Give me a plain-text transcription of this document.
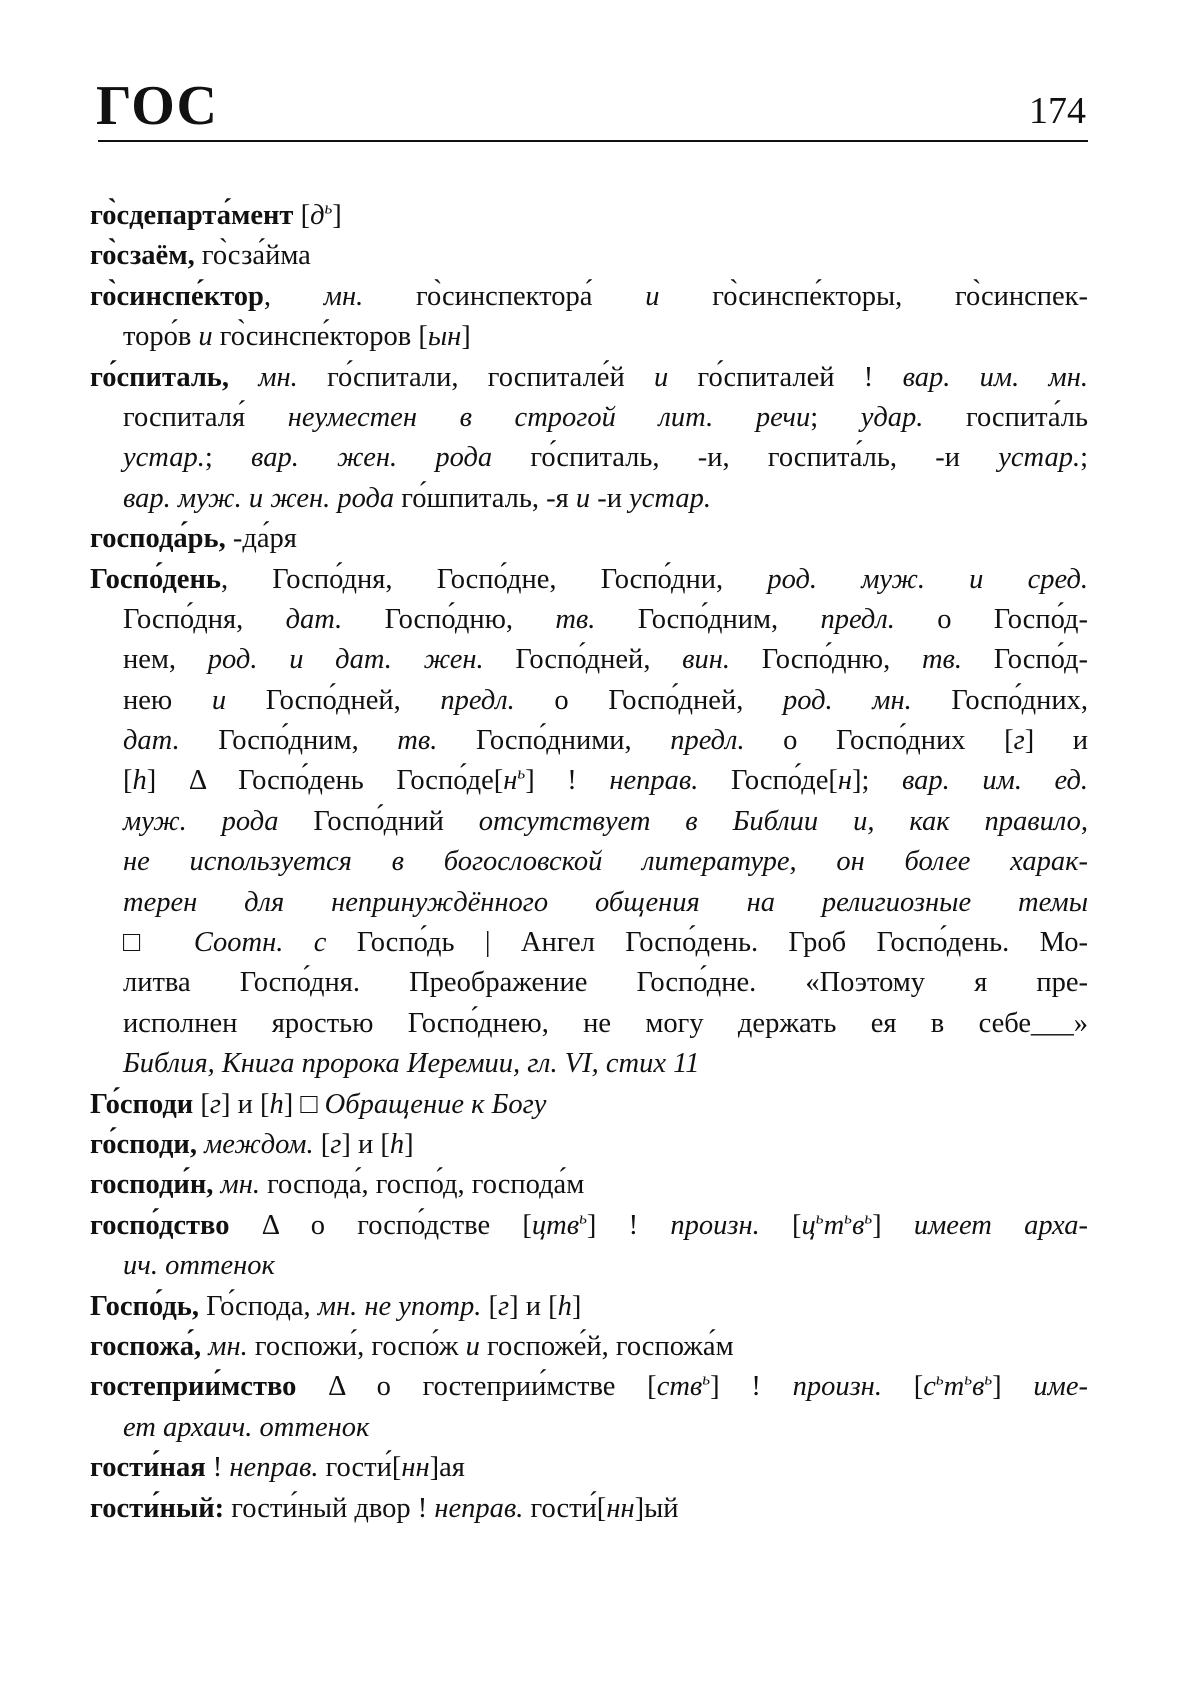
ГОС	174
го̀сдепарта́мент $[д^ь]$
го̀сзаём, го̀сза́йма
го̀синспе́ктор, мн. го̀синспектора́ и го̀синспе́кторы, го̀синспек-
торо́в и го̀синспе́кторов [ын]
го́спиталь, мн. го́спитали, госпитале́й и го́спиталей ! вар. им. мн.
госпиталя́ неуместен в строгой лит. речи; удар. госпита́ль
устар.; вар. жен. рода го́спиталь, -и, госпита́ль, -и устар.;
вар. муж. и жен. рода го́шпиталь, -я и -и устар.
господа́рь, -да́ря
Госпо́день, Госпо́дня, Госпо́дне, Госпо́дни, род. муж. и сред.
Госпо́дня, дат. Госпо́дню, тв. Госпо́дним, предл. о Госпо́д-
нем, род. и дат. жен. Госпо́дней, вин. Госпо́дню, тв. Госпо́д-
нею и Госпо́дней, предл. о Госпо́дней, род. мн. Госпо́дних,
дат. Госпо́дним, тв. Госпо́дними, предл. о Госпо́дних [г] и
[h] Δ Госпо́день $Госпо́де[н^ь]$ ! неправ. Госпо́де[н]; вар. им. ед.
муж. рода Госпо́дний отсутствует в Библии и, как правило,
не используется в богословской литературе, он более харак-
терен для непринуждённого общения на религиозные темы
□ Соотн. с Госпо́дь | Ангел Госпо́день. Гроб Госпо́день. Мо-
литва Госпо́дня. Преображение Госпо́дне. «Поэтому я пре-
исполнен яростью Госпо́днею, не могу держать ея в себе___»
Библия, Книга пророка Иеремии, гл. VI, стих 11
Го́споди [г] и [h] □ Обращение к Богу
го́споди, междом. [г] и [h]
господи́н, мн. господа́, госпо́д, господа́м
госпо́дство Δ о госпо́дстве [цтв$^ь$] ! произн. $[ц^ьт^ьв^ь]$ имеет арха-
ич. оттенок
Госпо́дь, Го́спода, мн. не употр. [г] и [h]
госпожа́, мн. госпожи́, госпо́ж и госпоже́й, госпожа́м
гостеприи́мство Δ о гостеприи́мстве [ств$^ь$] ! произн. $[с^ьт^ьв^ь]$ име-
ет архаич. оттенок
гости́ная ! неправ. гости́[нн]ая
гости́ный: гости́ный двор ! неправ. гости́[нн]ый
